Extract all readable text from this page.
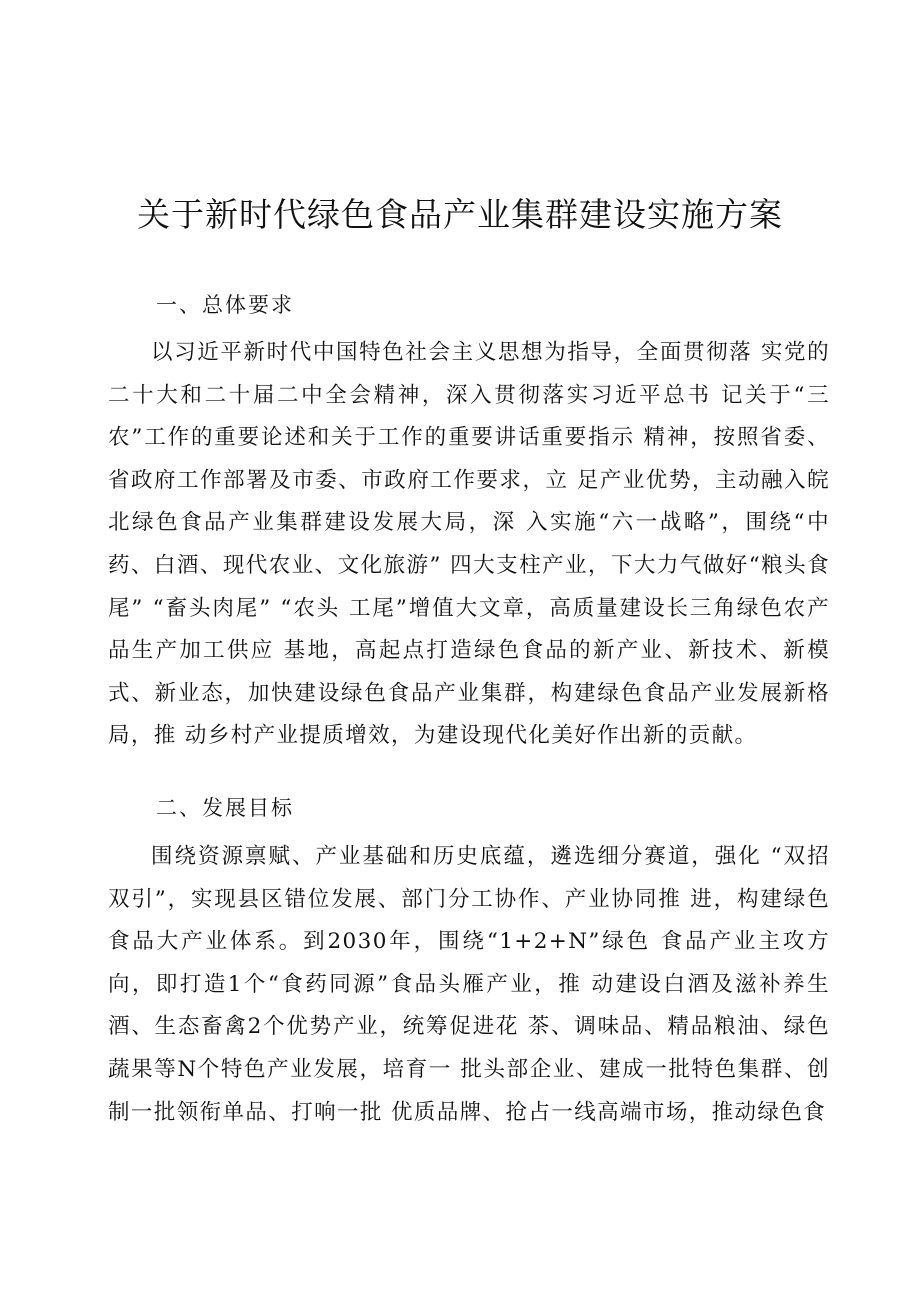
关于新时代绿色食品产业集群建设实施方案
一、总体要求

以习近平新时代中国特色社会主义思想为指导，全面贯彻落 实党的二十大和二十届二中全会精神，深入贯彻落实习近平总书 记关于“三农”工作的重要论述和关于工作的重要讲话重要指示 精神，按照省委、省政府工作部署及市委、市政府工作要求，立 足产业优势，主动融入皖北绿色食品产业集群建设发展大局，深 入实施“六一战略”，围绕“中药、白酒、现代农业、文化旅游” 四大支柱产业，下大力气做好“粮头食尾” “畜头肉尾” “农头 工尾”增值大文章，高质量建设长三角绿色农产品生产加工供应 基地，高起点打造绿色食品的新产业、新技术、新模式、新业态，加快建设绿色食品产业集群，构建绿色食品产业发展新格局，推 动乡村产业提质增效，为建设现代化美好作出新的贡献。

二、发展目标

围绕资源禀赋、产业基础和历史底蕴，遴选细分赛道，强化 “双招双引”，实现县区错位发展、部门分工协作、产业协同推 进，构建绿色食品大产业体系。到2030年，围绕“1+2+N”绿色 食品产业主攻方向，即打造1个“食药同源”食品头雁产业，推 动建设白酒及滋补养生酒、生态畜禽2个优势产业，统筹促进花 茶、调味品、精品粮油、绿色蔬果等N个特色产业发展，培育一 批头部企业、建成一批特色集群、创制一批领衔单品、打响一批 优质品牌、抢占一线高端市场，推动绿色食
